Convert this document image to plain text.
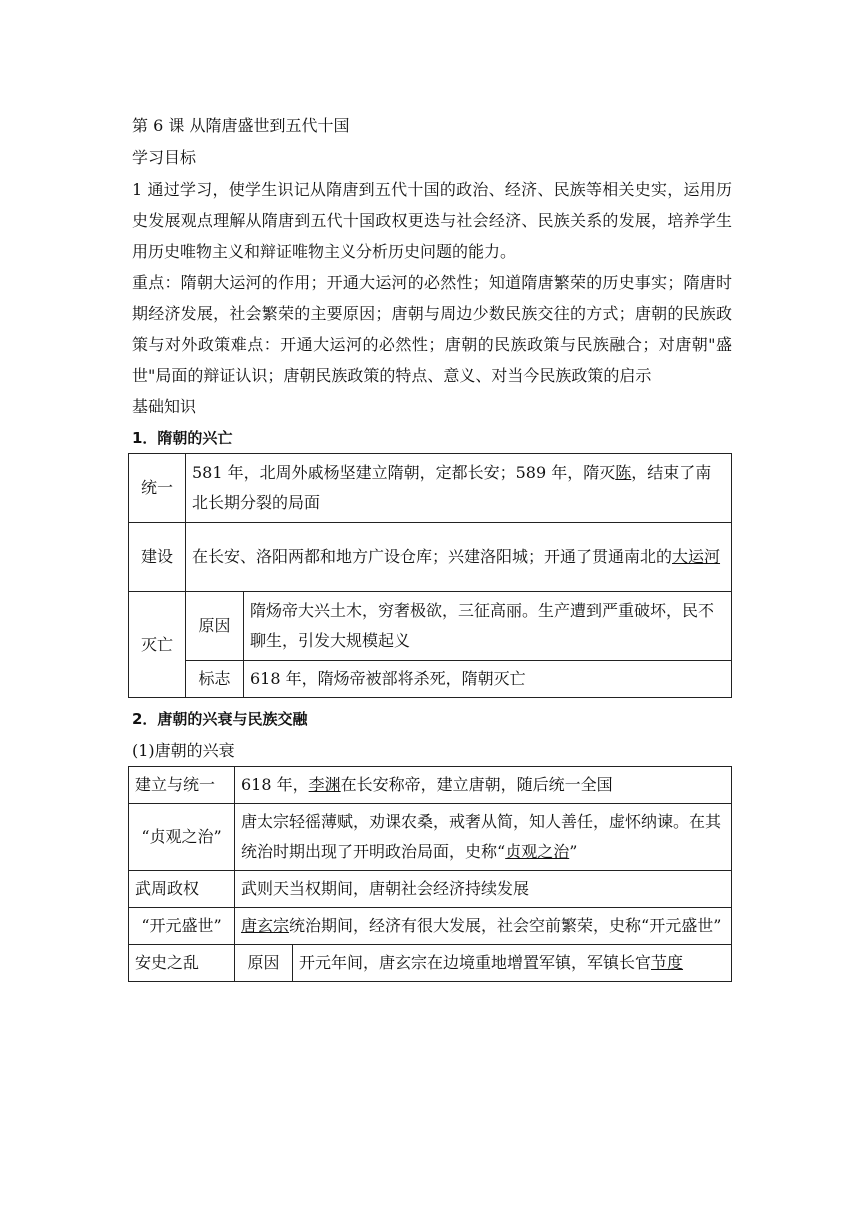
第 6 课 从隋唐盛世到五代十国

学习目标

1 通过学习，使学生识记从隋唐到五代十国的政治、经济、民族等相关史实，运用历史发展观点理解从隋唐到五代十国政权更迭与社会经济、民族关系的发展，培养学生用历史唯物主义和辩证唯物主义分析历史问题的能力。

重点：隋朝大运河的作用；开通大运河的必然性；知道隋唐繁荣的历史事实；隋唐时期经济发展，社会繁荣的主要原因；唐朝与周边少数民族交往的方式；唐朝的民族政策与对外政策难点：开通大运河的必然性；唐朝的民族政策与民族融合；对唐朝"盛世"局面的辩证认识；唐朝民族政策的特点、意义、对当今民族政策的启示

基础知识

1．隋朝的兴亡

统一	581 年，北周外戚杨坚建立隋朝，定都长安；589 年，隋灭陈，结束了南北长期分裂的局面	
建设	在长安、洛阳两都和地方广设仓库；兴建洛阳城；开通了贯通南北的大运河	
灭亡	原因	隋炀帝大兴土木，穷奢极欲，三征高丽。生产遭到严重破坏，民不聊生，引发大规模起义
	标志	618 年，隋炀帝被部将杀死，隋朝灭亡

2．唐朝的兴衰与民族交融

(1)唐朝的兴衰

建立与统一	618 年，李渊在长安称帝，建立唐朝，随后统一全国	
“贞观之治”	唐太宗轻徭薄赋，劝课农桑，戒奢从简，知人善任，虚怀纳谏。在其统治时期出现了开明政治局面，史称“贞观之治”	
武周政权	武则天当权期间，唐朝社会经济持续发展	
“开元盛世”	唐玄宗统治期间，经济有很大发展，社会空前繁荣，史称“开元盛世”	
安史之乱	原因	开元年间，唐玄宗在边境重地增置军镇，军镇长官节度
